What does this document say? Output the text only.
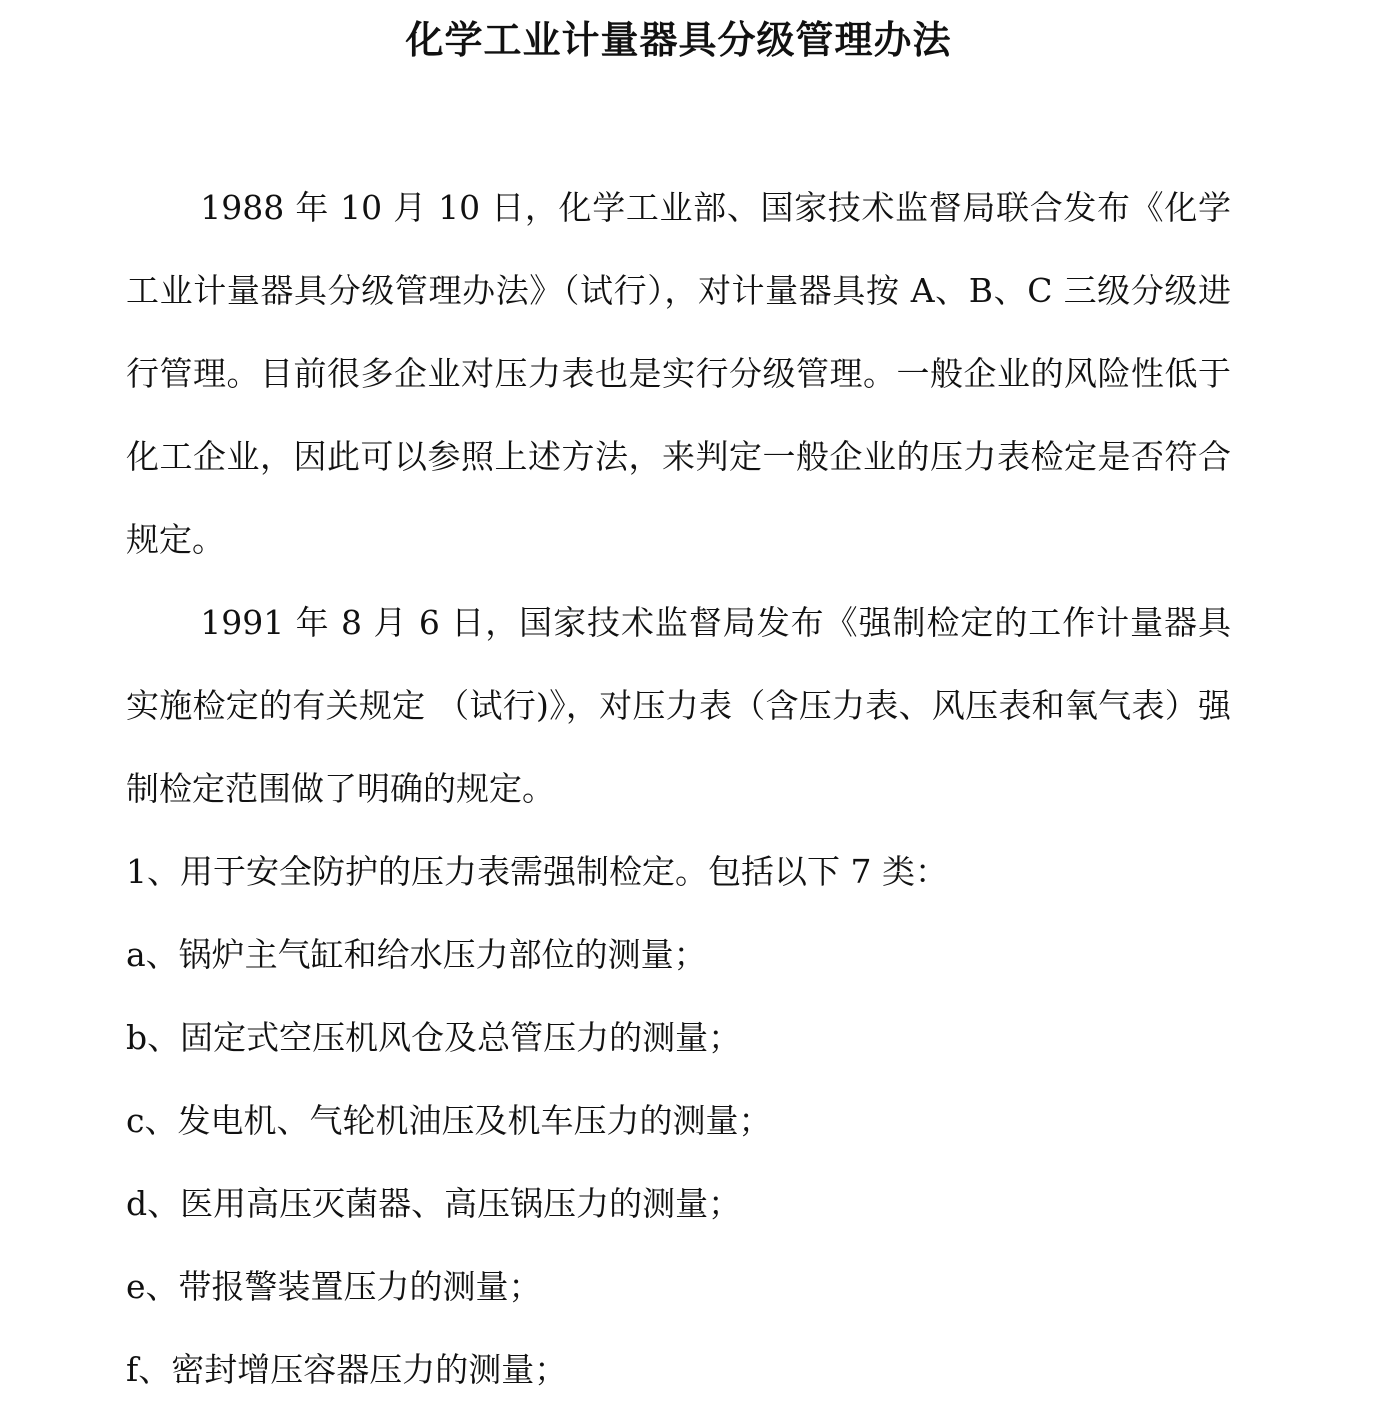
化学工业计量器具分级管理办法

1988 年 10 月 10 日，化学工业部、国家技术监督局联合发布《化学工业计量器具分级管理办法》（试行），对计量器具按 A、B、C 三级分级进行管理。目前很多企业对压力表也是实行分级管理。一般企业的风险性低于化工企业，因此可以参照上述方法，来判定一般企业的压力表检定是否符合规定。

1991 年 8 月 6 日，国家技术监督局发布《强制检定的工作计量器具实施检定的有关规定 （试行)》，对压力表（含压力表、风压表和氧气表）强制检定范围做了明确的规定。

1、用于安全防护的压力表需强制检定。包括以下 7 类：

a、锅炉主气缸和给水压力部位的测量；

b、固定式空压机风仓及总管压力的测量；

c、发电机、气轮机油压及机车压力的测量；

d、医用高压灭菌器、高压锅压力的测量；

e、带报警装置压力的测量；

f、密封增压容器压力的测量；
